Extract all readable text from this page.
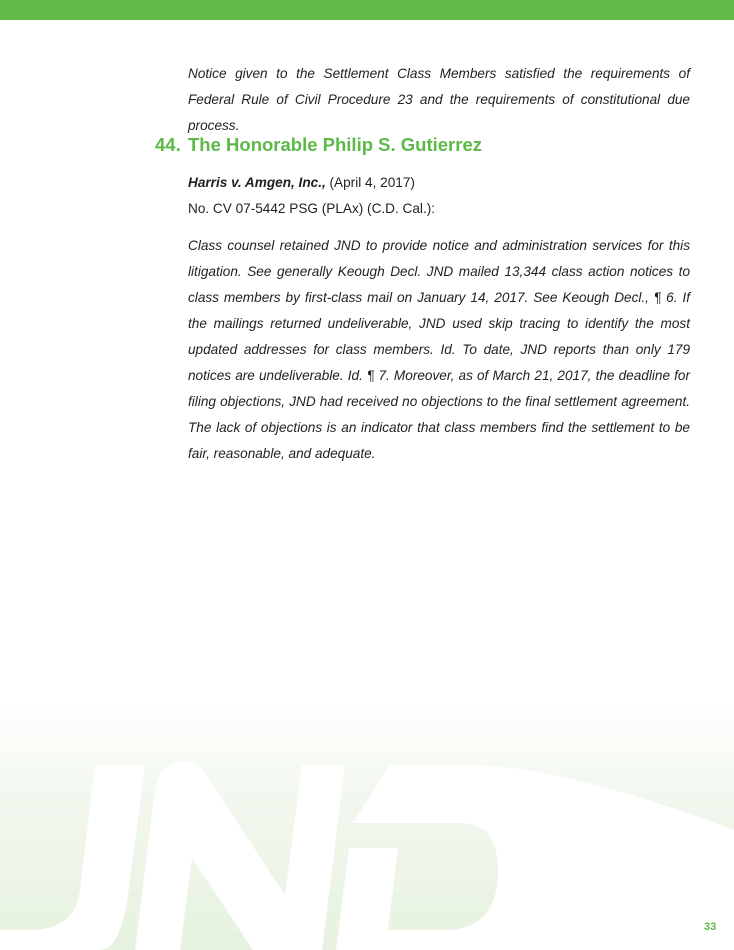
Notice given to the Settlement Class Members satisfied the requirements of Federal Rule of Civil Procedure 23 and the requirements of constitutional due process.

44. The Honorable Philip S. Gutierrez

Harris v. Amgen, Inc., (April 4, 2017)

No. CV 07-5442 PSG (PLAx) (C.D. Cal.):

Class counsel retained JND to provide notice and administration services for this litigation. See generally Keough Decl. JND mailed 13,344 class action notices to class members by first-class mail on January 14, 2017. See Keough Decl., ¶ 6. If the mailings returned undeliverable, JND used skip tracing to identify the most updated addresses for class members. Id. To date, JND reports than only 179 notices are undeliverable. Id. ¶ 7. Moreover, as of March 21, 2017, the deadline for filing objections, JND had received no objections to the final settlement agreement. The lack of objections is an indicator that class members find the settlement to be fair, reasonable, and adequate.

33
